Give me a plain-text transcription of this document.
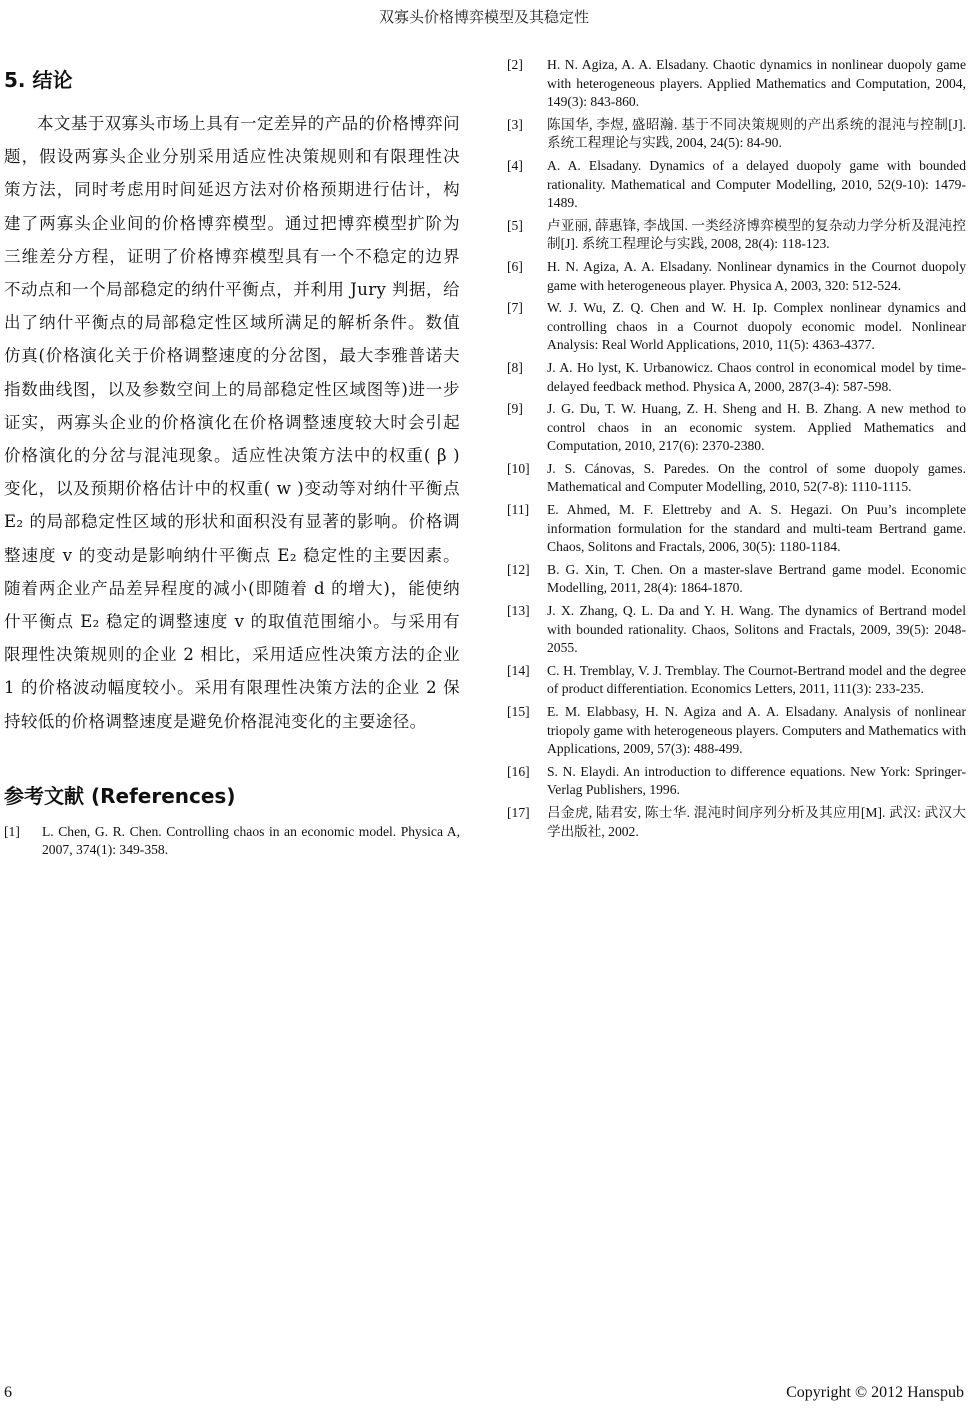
双寡头价格博弈模型及其稳定性
5. 结论

本文基于双寡头市场上具有一定差异的产品的价格博弈问题，假设两寡头企业分别采用适应性决策规则和有限理性决策方法，同时考虑用时间延迟方法对价格预期进行估计，构建了两寡头企业间的价格博弈模型。通过把博弈模型扩阶为三维差分方程，证明了价格博弈模型具有一个不稳定的边界不动点和一个局部稳定的纳什平衡点，并利用 Jury 判据，给出了纳什平衡点的局部稳定性区域所满足的解析条件。数值仿真(价格演化关于价格调整速度的分岔图，最大李雅普诺夫指数曲线图，以及参数空间上的局部稳定性区域图等)进一步证实，两寡头企业的价格演化在价格调整速度较大时会引起价格演化的分岔与混沌现象。适应性决策方法中的权重( β )变化，以及预期价格估计中的权重( w )变动等对纳什平衡点 E₂ 的局部稳定性区域的形状和面积没有显著的影响。价格调整速度 v 的变动是影响纳什平衡点 E₂ 稳定性的主要因素。随着两企业产品差异程度的减小(即随着 d 的增大)，能使纳什平衡点 E₂ 稳定的调整速度 v 的取值范围缩小。与采用有限理性决策规则的企业 2 相比，采用适应性决策方法的企业 1 的价格波动幅度较小。采用有限理性决策方法的企业 2 保持较低的价格调整速度是避免价格混沌变化的主要途径。

参考文献 (References)
[1]	L. Chen, G. R. Chen. Controlling chaos in an economic model. Physica A, 2007, 374(1): 349-358.
[2]	H. N. Agiza, A. A. Elsadany. Chaotic dynamics in nonlinear duopoly game with heterogeneous players. Applied Mathematics and Computation, 2004, 149(3): 843-860.
[3]	陈国华, 李煜, 盛昭瀚. 基于不同决策规则的产出系统的混沌与控制[J]. 系统工程理论与实践, 2004, 24(5): 84-90.
[4]	A. A. Elsadany. Dynamics of a delayed duopoly game with bounded rationality. Mathematical and Computer Modelling, 2010, 52(9-10): 1479-1489.
[5]	卢亚丽, 薛惠锋, 李战国. 一类经济博弈模型的复杂动力学分析及混沌控制[J]. 系统工程理论与实践, 2008, 28(4): 118-123.
[6]	H. N. Agiza, A. A. Elsadany. Nonlinear dynamics in the Cournot duopoly game with heterogeneous player. Physica A, 2003, 320: 512-524.
[7]	W. J. Wu, Z. Q. Chen and W. H. Ip. Complex nonlinear dynamics and controlling chaos in a Cournot duopoly economic model. Nonlinear Analysis: Real World Applications, 2010, 11(5): 4363-4377.
[8]	J. A. Ho lyst, K. Urbanowicz. Chaos control in economical model by time-delayed feedback method. Physica A, 2000, 287(3-4): 587-598.
[9]	J. G. Du, T. W. Huang, Z. H. Sheng and H. B. Zhang. A new method to control chaos in an economic system. Applied Mathematics and Computation, 2010, 217(6): 2370-2380.
[10]	J. S. Cánovas, S. Paredes. On the control of some duopoly games. Mathematical and Computer Modelling, 2010, 52(7-8): 1110-1115.
[11]	E. Ahmed, M. F. Elettreby and A. S. Hegazi. On Puu’s incomplete information formulation for the standard and multi-team Bertrand game. Chaos, Solitons and Fractals, 2006, 30(5): 1180-1184.
[12]	B. G. Xin, T. Chen. On a master-slave Bertrand game model. Economic Modelling, 2011, 28(4): 1864-1870.
[13]	J. X. Zhang, Q. L. Da and Y. H. Wang. The dynamics of Bertrand model with bounded rationality. Chaos, Solitons and Fractals, 2009, 39(5): 2048-2055.
[14]	C. H. Tremblay, V. J. Tremblay. The Cournot-Bertrand model and the degree of product differentiation. Economics Letters, 2011, 111(3): 233-235.
[15]	E. M. Elabbasy, H. N. Agiza and A. A. Elsadany. Analysis of nonlinear triopoly game with heterogeneous players. Computers and Mathematics with Applications, 2009, 57(3): 488-499.
[16]	S. N. Elaydi. An introduction to difference equations. New York: Springer-Verlag Publishers, 1996.
[17]	吕金虎, 陆君安, 陈士华. 混沌时间序列分析及其应用[M]. 武汉: 武汉大学出版社, 2002.
6	Copyright © 2012 Hanspub
